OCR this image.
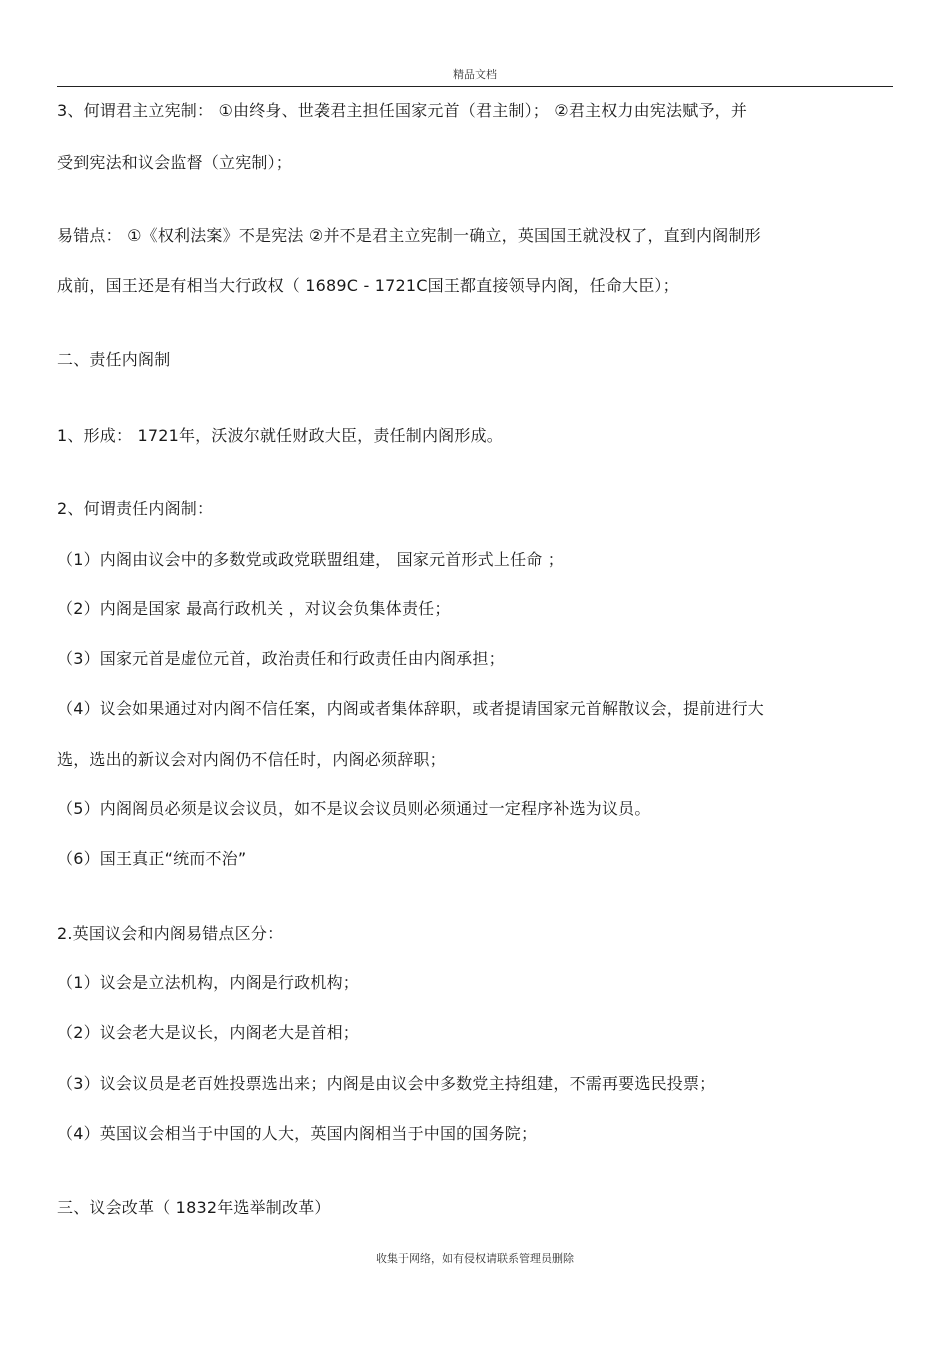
精品文档
3、何谓君主立宪制： ①由终身、世袭君主担任国家元首（君主制）； ②君主权力由宪法赋予，并
受到宪法和议会监督（立宪制）；
易错点： ①《权利法案》不是宪法 ②并不是君主立宪制一确立，英国国王就没权了，直到内阁制形
成前，国王还是有相当大行政权（ 1689C - 1721C国王都直接领导内阁，任命大臣）；
二、责任内阁制
1、形成： 1721年，沃波尔就任财政大臣，责任制内阁形成。
2、何谓责任内阁制：
（1）内阁由议会中的多数党或政党联盟组建， 国家元首形式上任命 ；
（2）内阁是国家 最高行政机关 ，对议会负集体责任；
（3）国家元首是虚位元首，政治责任和行政责任由内阁承担；
（4）议会如果通过对内阁不信任案，内阁或者集体辞职，或者提请国家元首解散议会，提前进行大
选，选出的新议会对内阁仍不信任时，内阁必须辞职；
（5）内阁阁员必须是议会议员，如不是议会议员则必须通过一定程序补选为议员。
（6）国王真正“统而不治”
2.英国议会和内阁易错点区分：
（1）议会是立法机构，内阁是行政机构；
（2）议会老大是议长，内阁老大是首相；
（3）议会议员是老百姓投票选出来；内阁是由议会中多数党主持组建，不需再要选民投票；
（4）英国议会相当于中国的人大，英国内阁相当于中国的国务院；
三、议会改革（ 1832年选举制改革）
收集于网络，如有侵权请联系管理员删除
